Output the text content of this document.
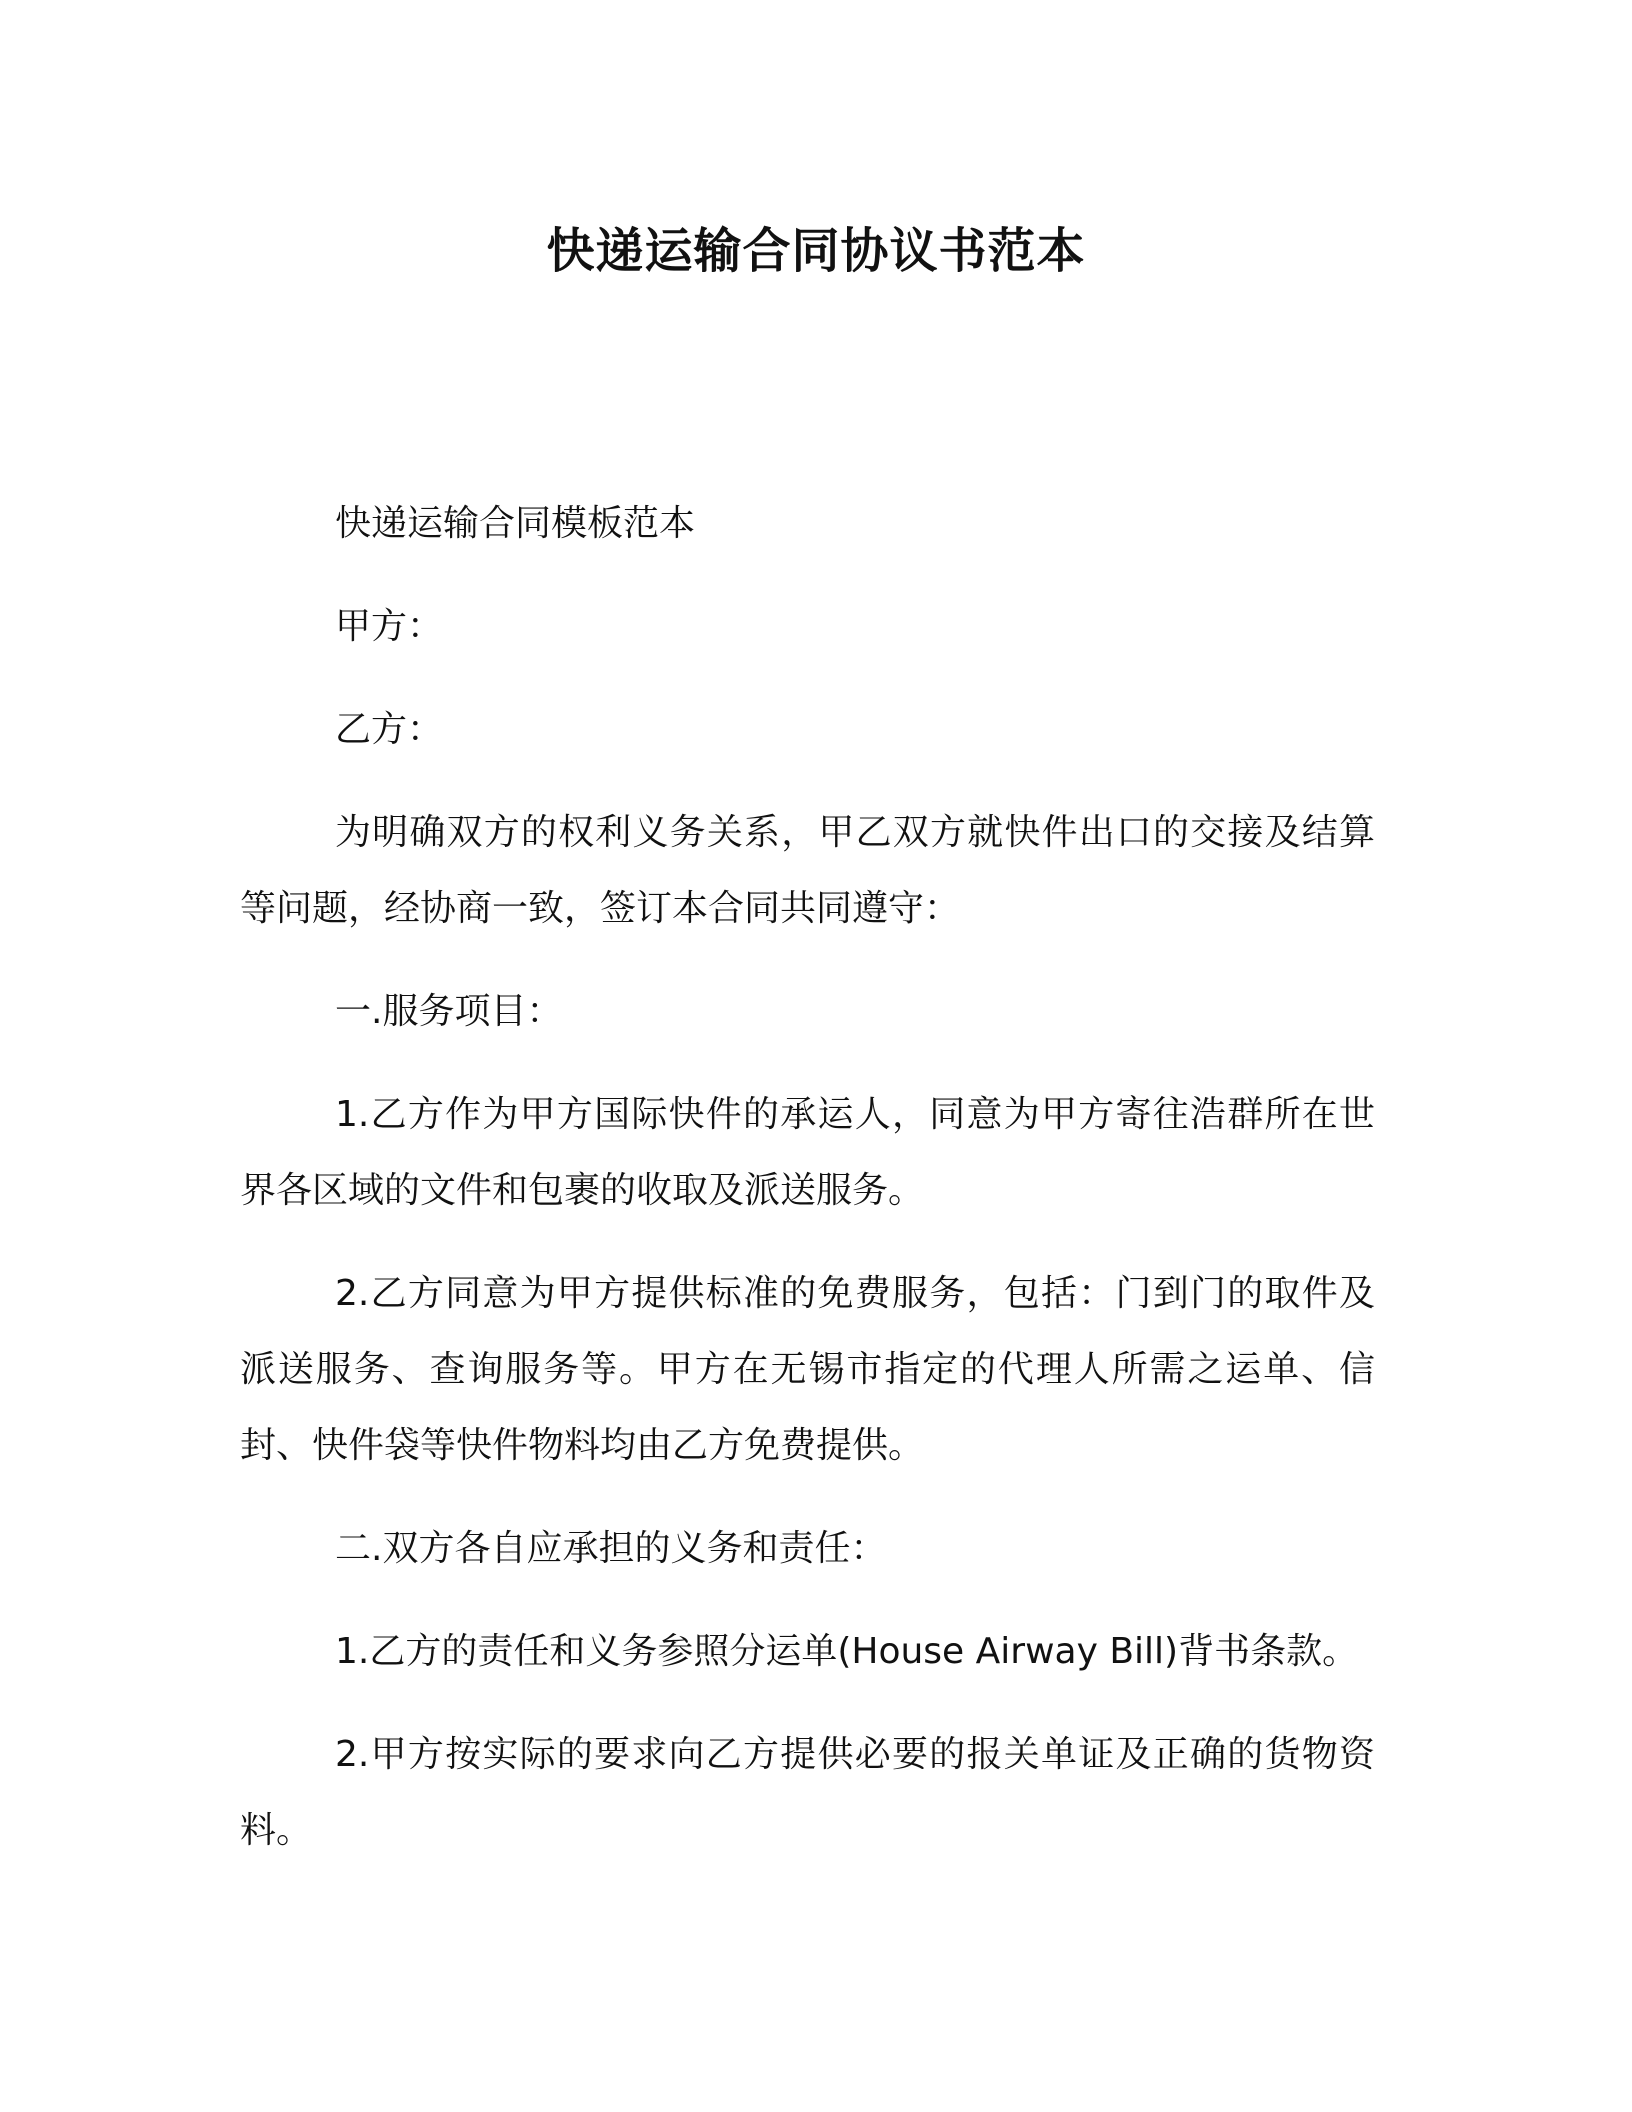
快递运输合同协议书范本

快递运输合同模板范本

甲方：

乙方：

为明确双方的权利义务关系，甲乙双方就快件出口的交接及结算等问题，经协商一致，签订本合同共同遵守：

一.服务项目：

1.乙方作为甲方国际快件的承运人，同意为甲方寄往浩群所在世界各区域的文件和包裹的收取及派送服务。

2.乙方同意为甲方提供标准的免费服务，包括：门到门的取件及派送服务、查询服务等。甲方在无锡市指定的代理人所需之运单、信封、快件袋等快件物料均由乙方免费提供。

二.双方各自应承担的义务和责任：

1.乙方的责任和义务参照分运单(House Airway Bill)背书条款。

2.甲方按实际的要求向乙方提供必要的报关单证及正确的货物资料。
